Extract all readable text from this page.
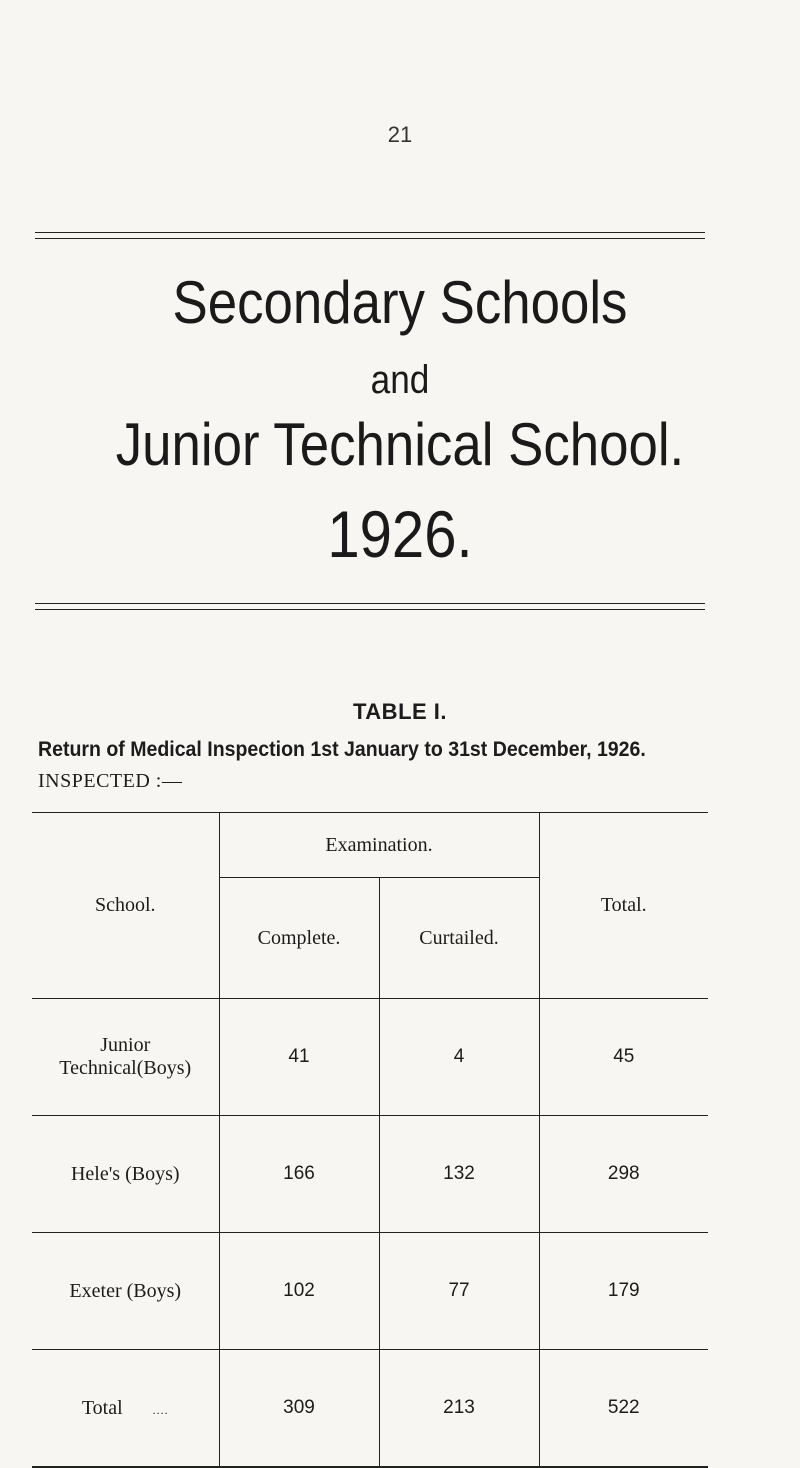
21
Secondary Schools
and
Junior Technical School.
1926.
TABLE I.
Return of Medical Inspection 1st January to 31st December, 1926.
INSPECTED :—
School.	Examination.		Total.
	Complete.	Curtailed.	

Junior
Technical(Boys)	41	4	45
Hele's (Boys)	166	132	298
Exeter (Boys)	102	77	179
Total ....	309	213	522
